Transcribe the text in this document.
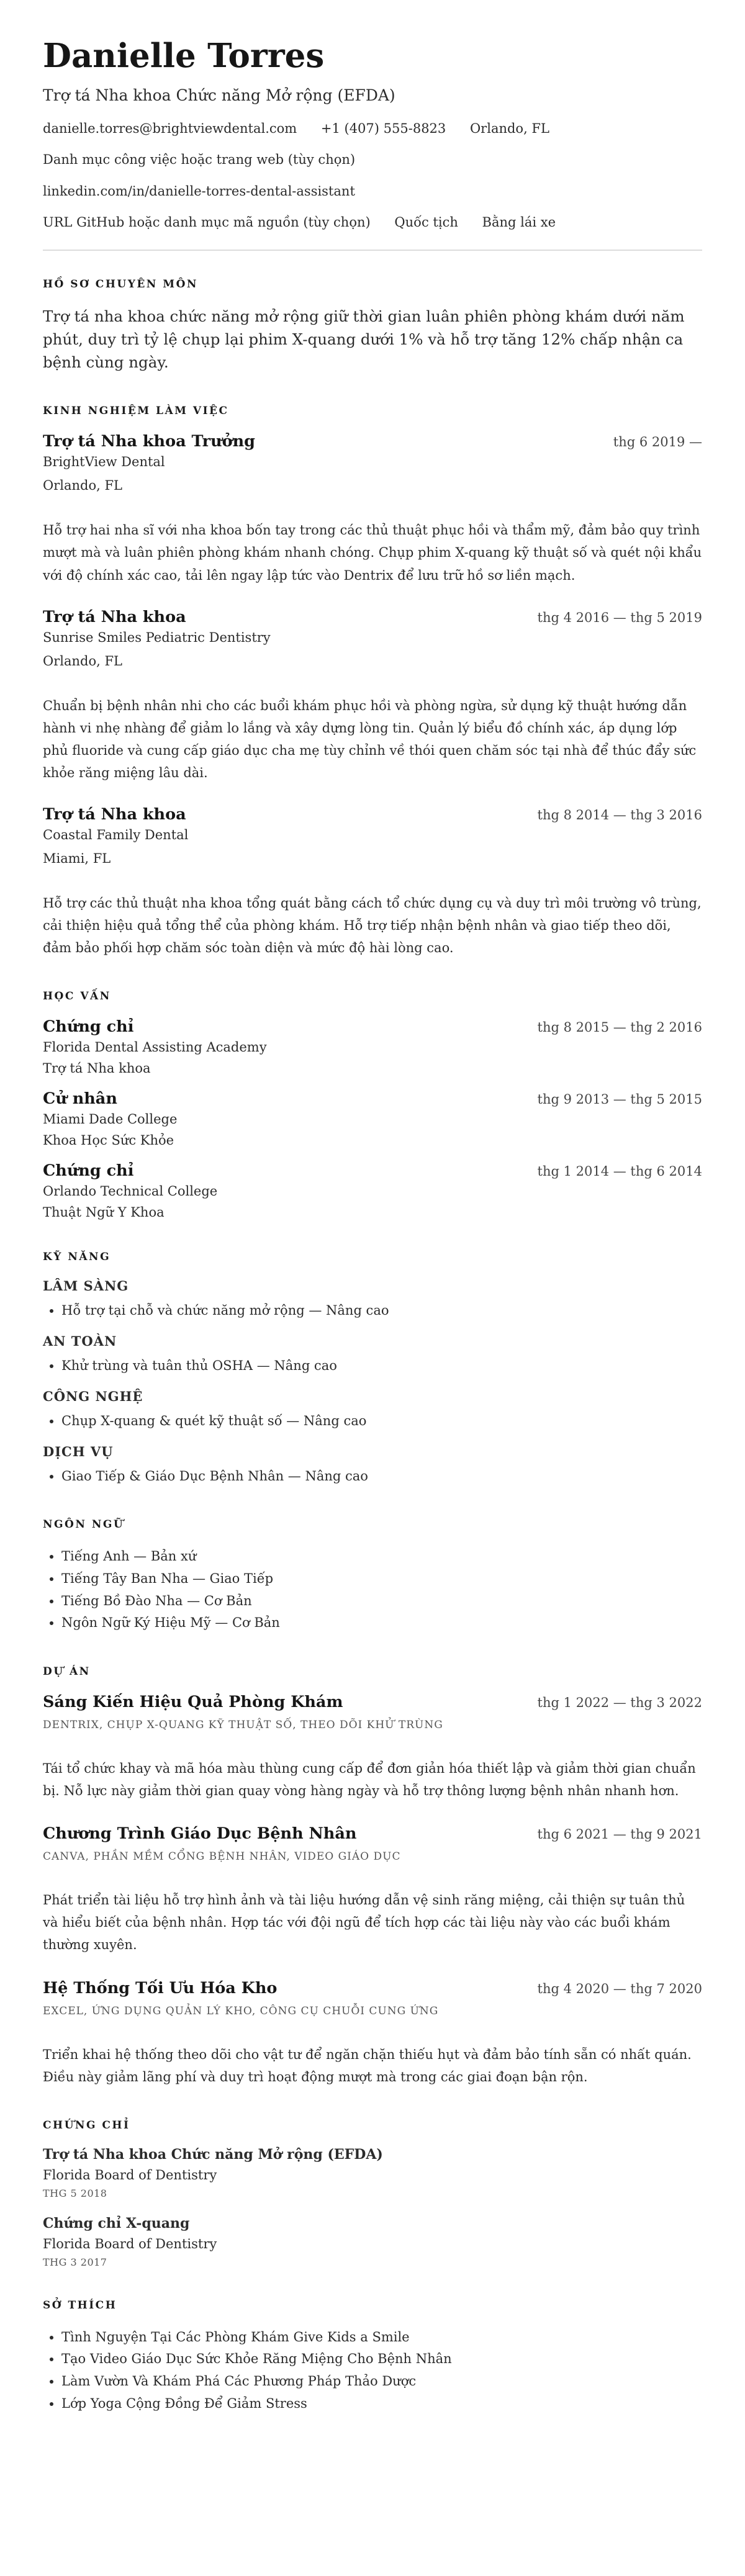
Danielle Torres
Trợ tá Nha khoa Chức năng Mở rộng (EFDA)
danielle.torres@brightviewdental.com +1 (407) 555-8823 Orlando, FL
Danh mục công việc hoặc trang web (tùy chọn)
linkedin.com/in/danielle-torres-dental-assistant
URL GitHub hoặc danh mục mã nguồn (tùy chọn) Quốc tịch Bằng lái xe
HỒ SƠ CHUYÊN MÔN
Trợ tá nha khoa chức năng mở rộng giữ thời gian luân phiên phòng khám dưới năm phút, duy trì tỷ lệ chụp lại phim X-quang dưới 1% và hỗ trợ tăng 12% chấp nhận ca bệnh cùng ngày.
KINH NGHIỆM LÀM VIỆC
Trợ tá Nha khoa Trưởng	thg 6 2019 —
BrightView Dental
Orlando, FL
Hỗ trợ hai nha sĩ với nha khoa bốn tay trong các thủ thuật phục hồi và thẩm mỹ, đảm bảo quy trình mượt mà và luân phiên phòng khám nhanh chóng. Chụp phim X-quang kỹ thuật số và quét nội khẩu với độ chính xác cao, tải lên ngay lập tức vào Dentrix để lưu trữ hồ sơ liền mạch.
Trợ tá Nha khoa	thg 4 2016 — thg 5 2019
Sunrise Smiles Pediatric Dentistry
Orlando, FL
Chuẩn bị bệnh nhân nhi cho các buổi khám phục hồi và phòng ngừa, sử dụng kỹ thuật hướng dẫn hành vi nhẹ nhàng để giảm lo lắng và xây dựng lòng tin. Quản lý biểu đồ chính xác, áp dụng lớp phủ fluoride và cung cấp giáo dục cha mẹ tùy chỉnh về thói quen chăm sóc tại nhà để thúc đẩy sức khỏe răng miệng lâu dài.
Trợ tá Nha khoa	thg 8 2014 — thg 3 2016
Coastal Family Dental
Miami, FL
Hỗ trợ các thủ thuật nha khoa tổng quát bằng cách tổ chức dụng cụ và duy trì môi trường vô trùng, cải thiện hiệu quả tổng thể của phòng khám. Hỗ trợ tiếp nhận bệnh nhân và giao tiếp theo dõi, đảm bảo phối hợp chăm sóc toàn diện và mức độ hài lòng cao.
HỌC VẤN
Chứng chỉ	thg 8 2015 — thg 2 2016
Florida Dental Assisting Academy
Trợ tá Nha khoa
Cử nhân	thg 9 2013 — thg 5 2015
Miami Dade College
Khoa Học Sức Khỏe
Chứng chỉ	thg 1 2014 — thg 6 2014
Orlando Technical College
Thuật Ngữ Y Khoa
KỸ NĂNG
LÂM SÀNG
• Hỗ trợ tại chỗ và chức năng mở rộng — Nâng cao
AN TOÀN
• Khử trùng và tuân thủ OSHA — Nâng cao
CÔNG NGHỆ
• Chụp X-quang & quét kỹ thuật số — Nâng cao
DỊCH VỤ
• Giao Tiếp & Giáo Dục Bệnh Nhân — Nâng cao
NGÔN NGỮ
• Tiếng Anh — Bản xứ
• Tiếng Tây Ban Nha — Giao Tiếp
• Tiếng Bồ Đào Nha — Cơ Bản
• Ngôn Ngữ Ký Hiệu Mỹ — Cơ Bản
DỰ ÁN
Sáng Kiến Hiệu Quả Phòng Khám	thg 1 2022 — thg 3 2022
DENTRIX, CHỤP X-QUANG KỸ THUẬT SỐ, THEO DÕI KHỬ TRÙNG
Tái tổ chức khay và mã hóa màu thùng cung cấp để đơn giản hóa thiết lập và giảm thời gian chuẩn bị. Nỗ lực này giảm thời gian quay vòng hàng ngày và hỗ trợ thông lượng bệnh nhân nhanh hơn.
Chương Trình Giáo Dục Bệnh Nhân	thg 6 2021 — thg 9 2021
CANVA, PHẦN MỀM CỔNG BỆNH NHÂN, VIDEO GIÁO DỤC
Phát triển tài liệu hỗ trợ hình ảnh và tài liệu hướng dẫn vệ sinh răng miệng, cải thiện sự tuân thủ và hiểu biết của bệnh nhân. Hợp tác với đội ngũ để tích hợp các tài liệu này vào các buổi khám thường xuyên.
Hệ Thống Tối Ưu Hóa Kho	thg 4 2020 — thg 7 2020
EXCEL, ỨNG DỤNG QUẢN LÝ KHO, CÔNG CỤ CHUỖI CUNG ỨNG
Triển khai hệ thống theo dõi cho vật tư để ngăn chặn thiếu hụt và đảm bảo tính sẵn có nhất quán. Điều này giảm lãng phí và duy trì hoạt động mượt mà trong các giai đoạn bận rộn.
CHỨNG CHỈ
Trợ tá Nha khoa Chức năng Mở rộng (EFDA)
Florida Board of Dentistry
THG 5 2018
Chứng chỉ X-quang
Florida Board of Dentistry
THG 3 2017
SỞ THÍCH
• Tình Nguyện Tại Các Phòng Khám Give Kids a Smile
• Tạo Video Giáo Dục Sức Khỏe Răng Miệng Cho Bệnh Nhân
• Làm Vườn Và Khám Phá Các Phương Pháp Thảo Dược
• Lớp Yoga Cộng Đồng Để Giảm Stress
